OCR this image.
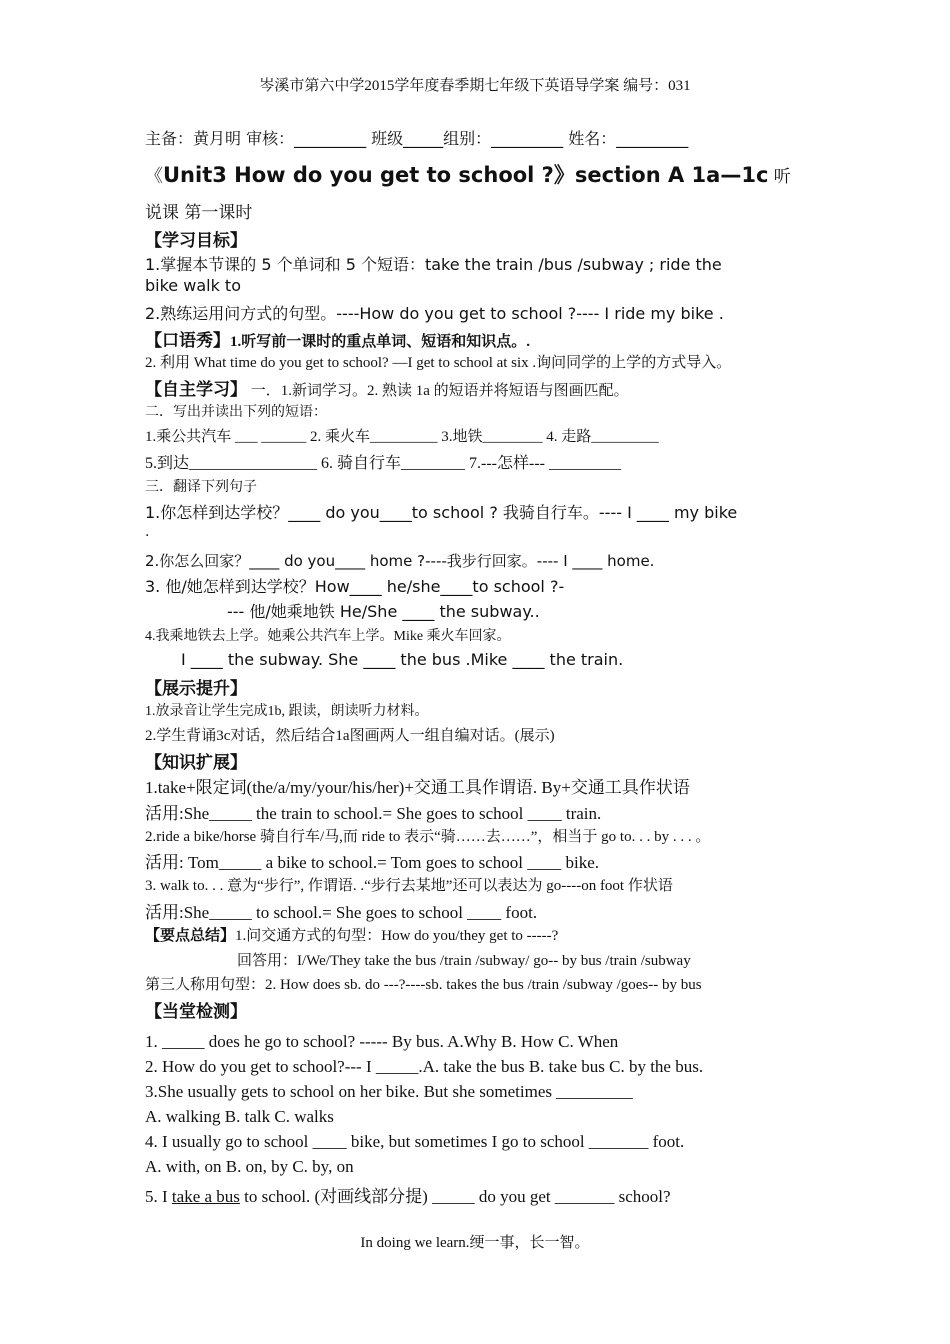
岑溪市第六中学2015学年度春季期七年级下英语导学案 编号：031
主备：黄月明 审核：_________ 班级_____组别：_________ 姓名：_________
《Unit3 How do you get to school ?》section A 1a—1c 听
说课 第一课时
【学习目标】
1.掌握本节课的 5 个单词和 5 个短语：take the train /bus /subway ; ride the
bike walk to
2.熟练运用问方式的句型。----How do you get to school ?---- I ride my bike .
【口语秀】1.听写前一课时的重点单词、短语和知识点。.
2. 利用 What time do you get to school? —I get to school at six .询问同学的上学的方式导入。
【自主学习】 一．1.新词学习。2. 熟读 1a 的短语并将短语与图画匹配。
二．写出并读出下列的短语：
1.乘公共汽车 ___ ______ 2. 乘火车_________ 3.地铁________ 4. 走路_________
5.到达________________ 6. 骑自行车________ 7.---怎样--- _________
三．翻译下列句子
1.你怎样到达学校？____ do you____to school ? 我骑自行车。---- I ____ my bike
.
2.你怎么回家？____ do you____ home ?----我步行回家。---- I ____ home.
3. 他/她怎样到达学校？How____ he/she____to school ?-
--- 他/她乘地铁 He/She ____ the subway..
4.我乘地铁去上学。她乘公共汽车上学。Mike 乘火车回家。
I ____ the subway. She ____ the bus .Mike ____ the train.
【展示提升】
1.放录音让学生完成1b, 跟读，朗读听力材料。
2.学生背诵3c对话，然后结合1a图画两人一组自编对话。(展示)
【知识扩展】
1.take+限定词(the/a/my/your/his/her)+交通工具作谓语. By+交通工具作状语
活用:She_____ the train to school.= She goes to school ____ train.
2.ride a bike/horse 骑自行车/马,而 ride to 表示“骑……去……”，相当于 go to. . . by . . . 。
活用: Tom_____ a bike to school.= Tom goes to school ____ bike.
3. walk to. . . 意为“步行”, 作谓语. .“步行去某地”还可以表达为 go----on foot 作状语
活用:She_____ to school.= She goes to school ____ foot.
【要点总结】1.问交通方式的句型：How do you/they get to -----?
回答用：I/We/They take the bus /train /subway/ go-- by bus /train /subway
第三人称用句型：2. How does sb. do ---?----sb. takes the bus /train /subway /goes-- by bus
【当堂检测】
1. _____ does he go to school? ----- By bus. A.Why B. How C. When
2. How do you get to school?--- I _____.A. take the bus B. take bus C. by the bus.
3.She usually gets to school on her bike. But she sometimes _________
A. walking B. talk C. walks
4. I usually go to school ____ bike, but sometimes I go to school _______ foot.
A. with, on B. on, by C. by, on
5. I take a bus to school. (对画线部分提) _____ do you get _______ school?
In doing we learn.绠一事，长一智。
